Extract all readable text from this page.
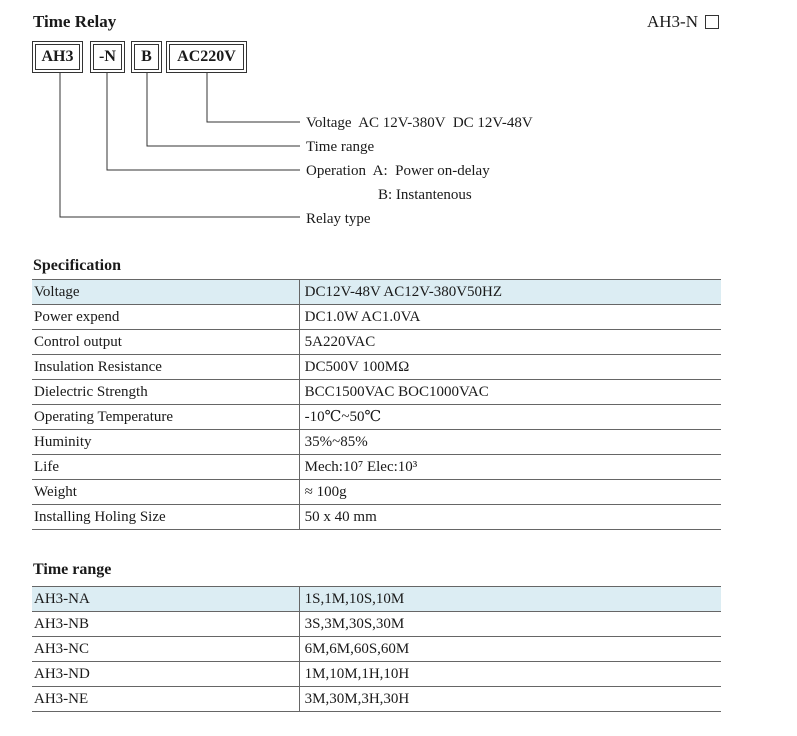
Time Relay	AH3-N
AH3	-N	B	AC220V
Voltage  AC 12V-380V  DC 12V-48V
Time range
Operation  A:  Power on-delay
B: Instantenous
Relay type
Specification
Voltage	DC12V-48V AC12V-380V50HZ
Power expend	DC1.0W AC1.0VA
Control output	5A220VAC
Insulation Resistance	DC500V 100MΩ
Dielectric Strength	BCC1500VAC BOC1000VAC
Operating Temperature	-10℃~50℃
Huminity	35%~85%
Life	Mech:10⁷ Elec:10³
Weight	≈ 100g
Installing Holing Size	50 x 40 mm
Time range
AH3-NA	1S,1M,10S,10M
AH3-NB	3S,3M,30S,30M
AH3-NC	6M,6M,60S,60M
AH3-ND	1M,10M,1H,10H
AH3-NE	3M,30M,3H,30H
